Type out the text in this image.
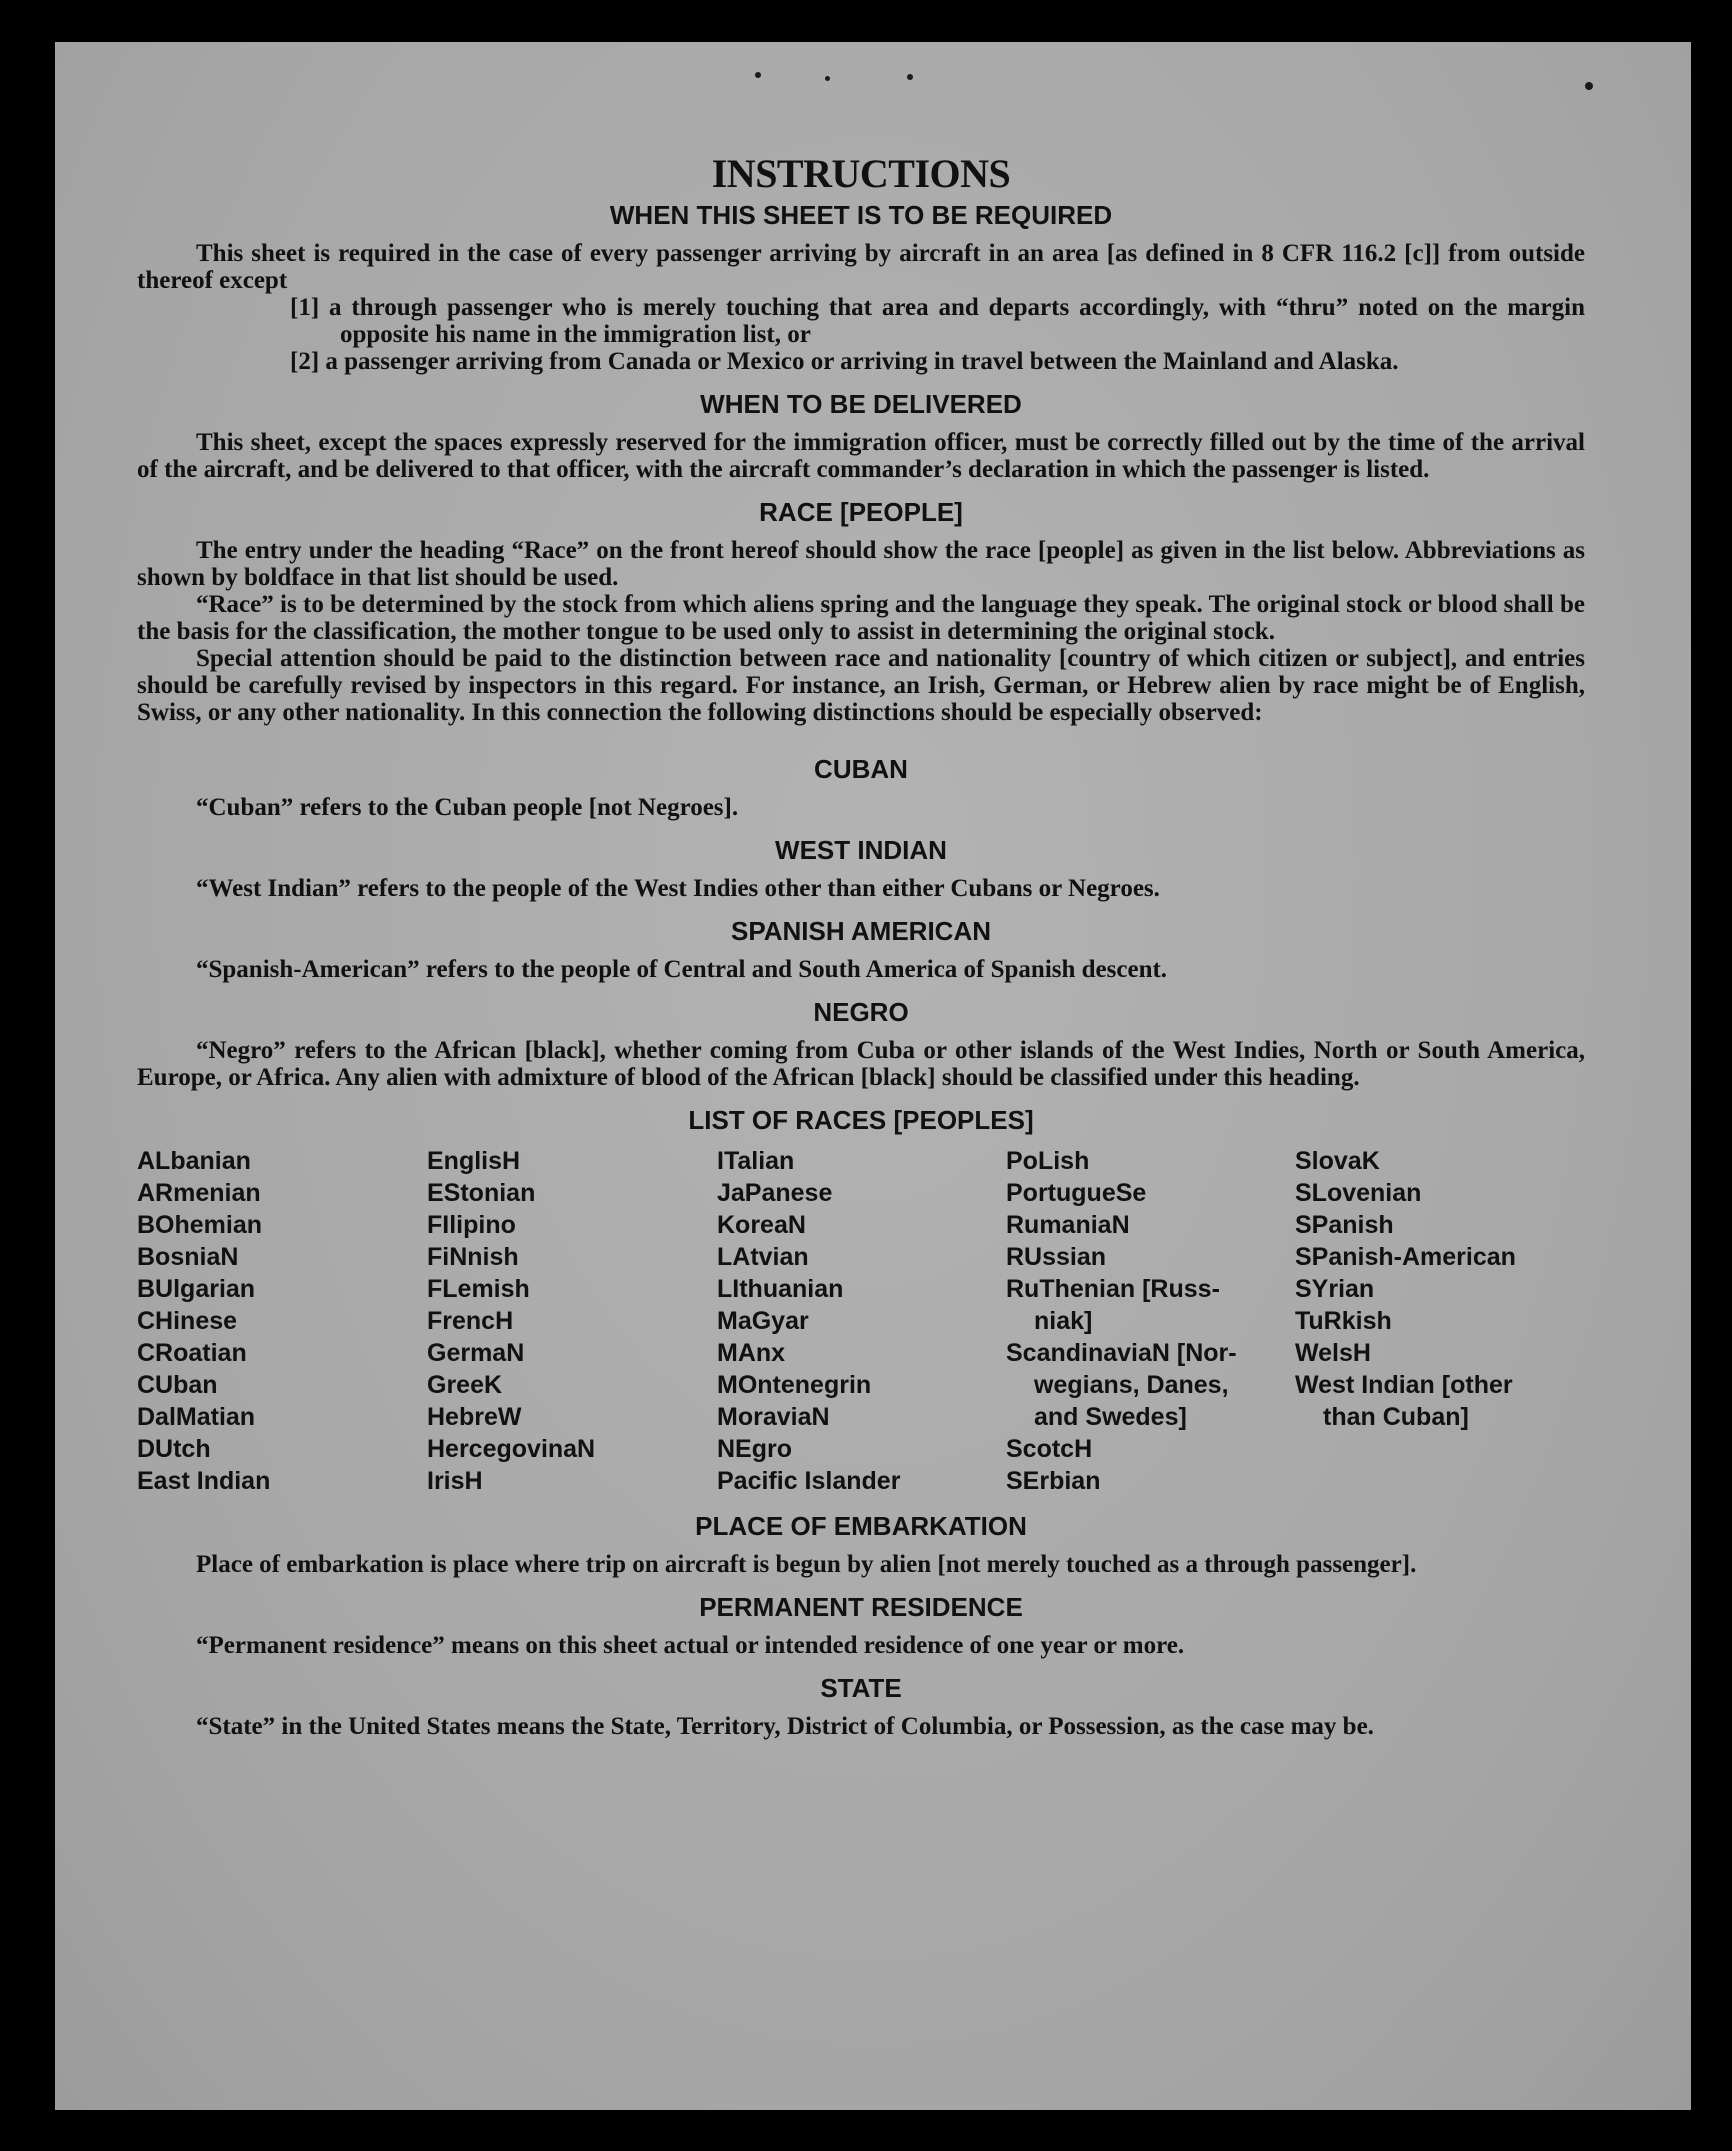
INSTRUCTIONS
WHEN THIS SHEET IS TO BE REQUIRED

This sheet is required in the case of every passenger arriving by aircraft in an area [as defined in 8 CFR 116.2 [c]] from outside thereof except

[1] a through passenger who is merely touching that area and departs accordingly, with “thru” noted on the margin opposite his name in the immigration list, or

[2] a passenger arriving from Canada or Mexico or arriving in travel between the Mainland and Alaska.

WHEN TO BE DELIVERED

This sheet, except the spaces expressly reserved for the immigration officer, must be correctly filled out by the time of the arrival of the aircraft, and be delivered to that officer, with the aircraft commander’s declaration in which the passenger is listed.

RACE [PEOPLE]

The entry under the heading “Race” on the front hereof should show the race [people] as given in the list below. Abbreviations as shown by boldface in that list should be used.

“Race” is to be determined by the stock from which aliens spring and the language they speak. The original stock or blood shall be the basis for the classification, the mother tongue to be used only to assist in determining the original stock.

Special attention should be paid to the distinction between race and nationality [country of which citizen or subject], and entries should be carefully revised by inspectors in this regard. For instance, an Irish, German, or Hebrew alien by race might be of English, Swiss, or any other nationality. In this connection the following distinctions should be especially observed:

CUBAN

“Cuban” refers to the Cuban people [not Negroes].

WEST INDIAN

“West Indian” refers to the people of the West Indies other than either Cubans or Negroes.

SPANISH AMERICAN

“Spanish-American” refers to the people of Central and South America of Spanish descent.

NEGRO

“Negro” refers to the African [black], whether coming from Cuba or other islands of the West Indies, North or South America, Europe, or Africa. Any alien with admixture of blood of the African [black] should be classified under this heading.

LIST OF RACES [PEOPLES]
ALbanian	EnglisH	ITalian	PoLish	SlovaK
ARmenian	EStonian	JaPanese	PortugueSe	SLovenian
BOhemian	FIlipino	KoreaN	RumaniaN	SPanish
BosniaN	FiNnish	LAtvian	RUssian	SPanish-American
BUlgarian	FLemish	LIthuanian	RuThenian [Russ-	SYrian
CHinese	FrencH	MaGyar	niak]	TuRkish
CRoatian	GermaN	MAnx	ScandinaviaN [Nor-	WelsH
CUban	GreeK	MOntenegrin	wegians, Danes,	West Indian [other
DalMatian	HebreW	MoraviaN	and Swedes]	than Cuban]
DUtch	HercegovinaN	NEgro	ScotcH
East Indian	IrisH	Pacific Islander	SErbian
PLACE OF EMBARKATION

Place of embarkation is place where trip on aircraft is begun by alien [not merely touched as a through passenger].

PERMANENT RESIDENCE

“Permanent residence” means on this sheet actual or intended residence of one year or more.

STATE

“State” in the United States means the State, Territory, District of Columbia, or Possession, as the case may be.
